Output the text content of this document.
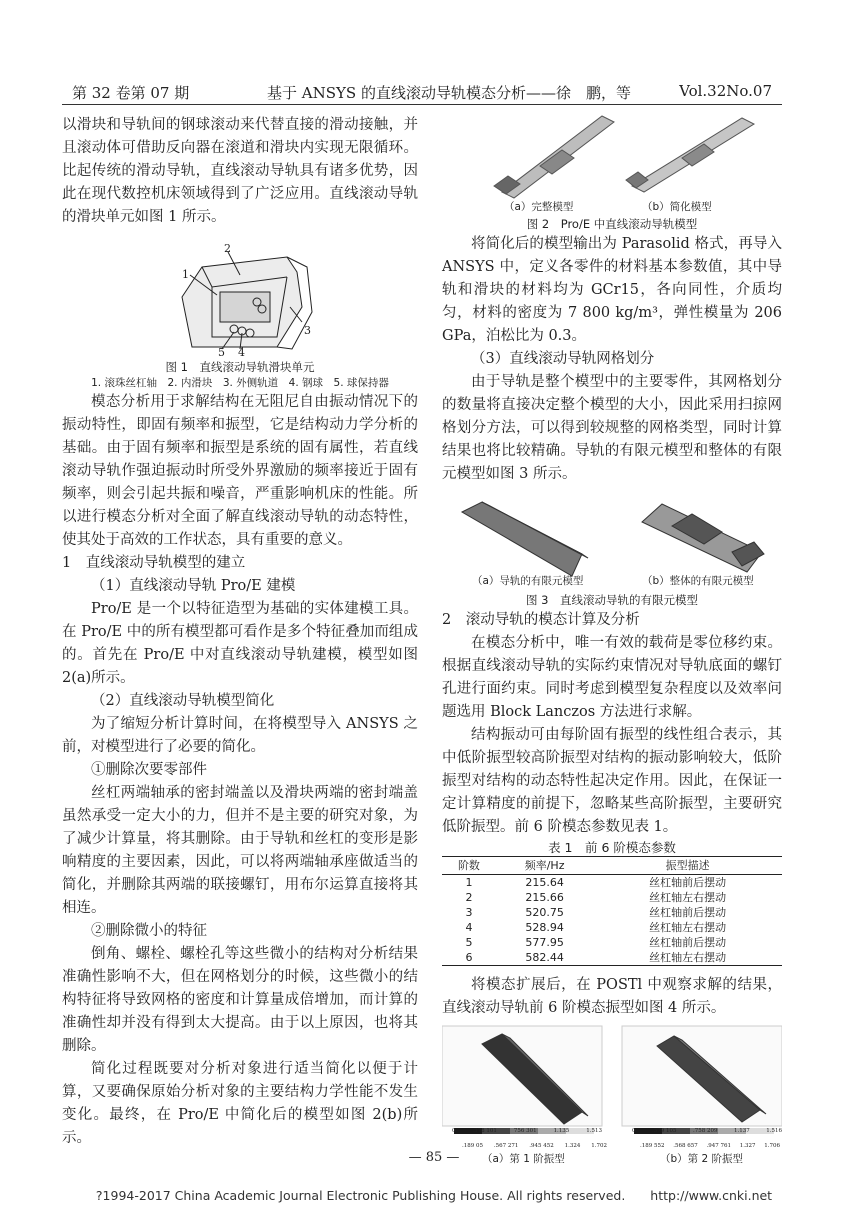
第 32 卷第 07 期	基于 ANSYS 的直线滚动导轨模态分析——徐　鹏，等	Vol.32No.07

以滑块和导轨间的钢球滚动来代替直接的滑动接触，并且滚动体可借助反向器在滚道和滑块内实现无限循环。比起传统的滑动导轨，直线滚动导轨具有诸多优势，因此在现代数控机床领域得到了广泛应用。直线滚动导轨的滑块单元如图 1 所示。

1
2
3
4
5
图 1　直线滚动导轨滑块单元
1. 滚珠丝杠轴　2. 内滑块　3. 外侧轨道　4. 钢球　5. 球保持器

模态分析用于求解结构在无阻尼自由振动情况下的振动特性，即固有频率和振型，它是结构动力学分析的基础。由于固有频率和振型是系统的固有属性，若直线滚动导轨作强迫振动时所受外界激励的频率接近于固有频率，则会引起共振和噪音，严重影响机床的性能。所以进行模态分析对全面了解直线滚动导轨的动态特性，使其处于高效的工作状态，具有重要的意义。

1　直线滚动导轨模型的建立

（1）直线滚动导轨 Pro/E 建模

Pro/E 是一个以特征造型为基础的实体建模工具。在 Pro/E 中的所有模型都可看作是多个特征叠加而组成的。首先在 Pro/E 中对直线滚动导轨建模，模型如图 2(a)所示。

（2）直线滚动导轨模型简化

为了缩短分析计算时间，在将模型导入 ANSYS 之前，对模型进行了必要的简化。

①删除次要零部件

丝杠两端轴承的密封端盖以及滑块两端的密封端盖虽然承受一定大小的力，但并不是主要的研究对象，为了减少计算量，将其删除。由于导轨和丝杠的变形是影响精度的主要因素，因此，可以将两端轴承座做适当的简化，并删除其两端的联接螺钉，用布尔运算直接将其相连。

②删除微小的特征

倒角、螺栓、螺栓孔等这些微小的结构对分析结果准确性影响不大，但在网格划分的时候，这些微小的结构特征将导致网格的密度和计算量成倍增加，而计算的准确性却并没有得到太大提高。由于以上原因，也将其删除。

简化过程既要对分析对象进行适当简化以便于计算，又要确保原始分析对象的主要结构力学性能不发生变化。最终，在 Pro/E 中简化后的模型如图 2(b)所示。

（a）完整模型	（b）简化模型
图 2　Pro/E 中直线滚动导轨模型

将简化后的模型输出为 Parasolid 格式，再导入 ANSYS 中，定义各零件的材料基本参数值，其中导轨和滑块的材料均为 GCr15，各向同性，介质均匀，材料的密度为 7 800 kg/m³，弹性模量为 206 GPa，泊松比为 0.3。

（3）直线滚动导轨网格划分

由于导轨是整个模型中的主要零件，其网格划分的数量将直接决定整个模型的大小，因此采用扫掠网格划分方法，可以得到较规整的网格类型，同时计算结果也将比较精确。导轨的有限元模型和整体的有限元模型如图 3 所示。

（a）导轨的有限元模型	（b）整体的有限元模型
图 3　直线滚动导轨的有限元模型

2　滚动导轨的模态计算及分析

在模态分析中，唯一有效的载荷是零位移约束。根据直线滚动导轨的实际约束情况对导轨底面的螺钉孔进行面约束。同时考虑到模型复杂程度以及效率问题选用 Block Lanczos 方法进行求解。

结构振动可由每阶固有振型的线性组合表示，其中低阶振型较高阶振型对结构的振动影响较大，低阶振型对结构的动态特性起决定作用。因此，在保证一定计算精度的前提下，忽略某些高阶振型，主要研究低阶振型。前 6 阶模态参数见表 1。

表 1　前 6 阶模态参数
阶数	频率/Hz	振型描述
1	215.64	丝杠轴前后摆动
2	215.66	丝杠轴左右摆动
3	520.75	丝杠轴前后摆动
4	528.94	丝杠轴左右摆动
5	577.95	丝杠轴前后摆动
6	582.44	丝杠轴左右摆动

将模态扩展后，在 POSTl 中观察求解的结果，直线滚动导轨前 6 阶模态振型如图 4 所示。

0	.378 101	756 301	1.135	1.513
.189 05 .567 271 .945 452 1.324 1.702
0	.379 105	.758 209	1.137	1.516
.189 552 .568 657 .947 761 1.327 1.706
（a）第 1 阶振型	（b）第 2 阶振型
— 85 —
?1994-2017 China Academic Journal Electronic Publishing House. All rights reserved.　　http://www.cnki.net
